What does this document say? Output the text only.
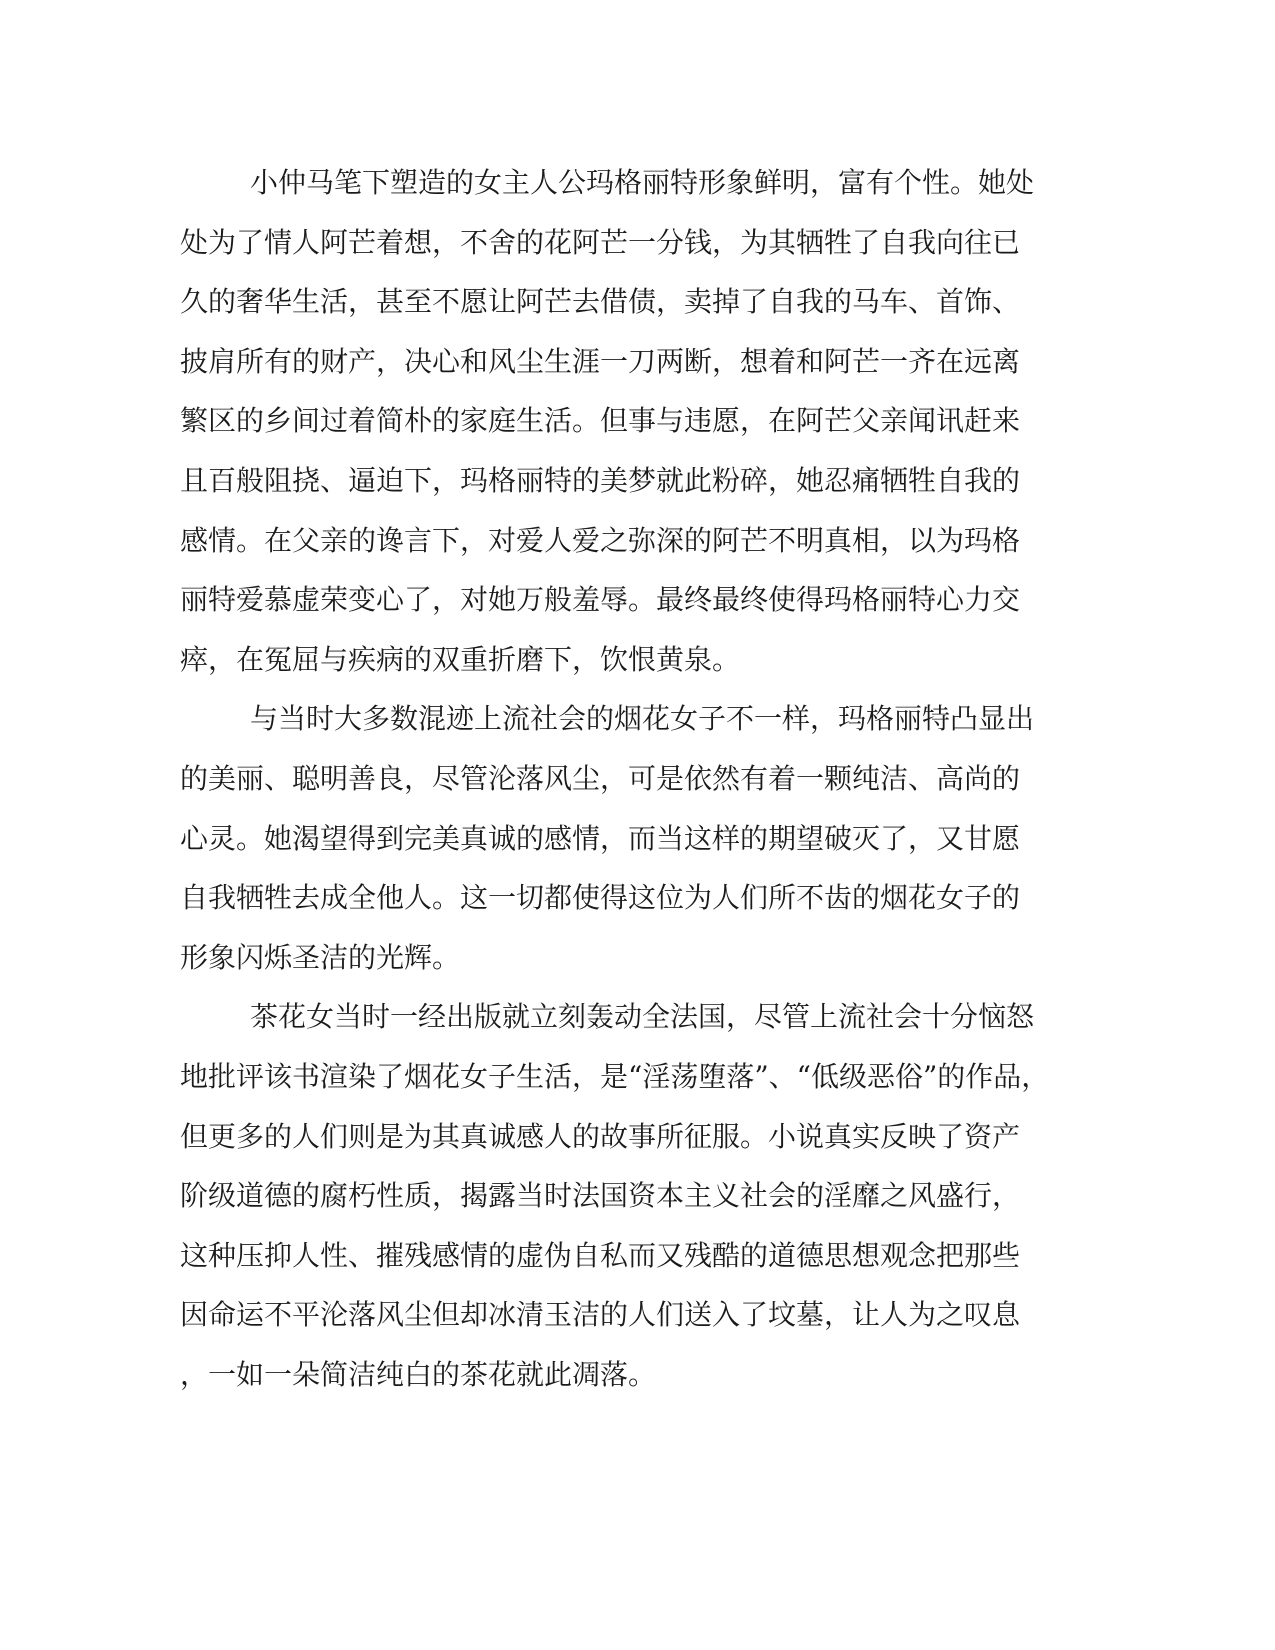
小仲马笔下塑造的女主人公玛格丽特形象鲜明，富有个性。她处
处为了情人阿芒着想，不舍的花阿芒一分钱，为其牺牲了自我向往已
久的奢华生活，甚至不愿让阿芒去借债，卖掉了自我的马车、首饰、
披肩所有的财产，决心和风尘生涯一刀两断，想着和阿芒一齐在远离
繁区的乡间过着简朴的家庭生活。但事与违愿，在阿芒父亲闻讯赶来
且百般阻挠、逼迫下，玛格丽特的美梦就此粉碎，她忍痛牺牲自我的
感情。在父亲的谗言下，对爱人爱之弥深的阿芒不明真相，以为玛格
丽特爱慕虚荣变心了，对她万般羞辱。最终最终使得玛格丽特心力交
瘁，在冤屈与疾病的双重折磨下，饮恨黄泉。
与当时大多数混迹上流社会的烟花女子不一样，玛格丽特凸显出
的美丽、聪明善良，尽管沦落风尘，可是依然有着一颗纯洁、高尚的
心灵。她渴望得到完美真诚的感情，而当这样的期望破灭了，又甘愿
自我牺牲去成全他人。这一切都使得这位为人们所不齿的烟花女子的
形象闪烁圣洁的光辉。
茶花女当时一经出版就立刻轰动全法国，尽管上流社会十分恼怒
地批评该书渲染了烟花女子生活，是“淫荡堕落”、“低级恶俗”的作品，
但更多的人们则是为其真诚感人的故事所征服。小说真实反映了资产
阶级道德的腐朽性质，揭露当时法国资本主义社会的淫靡之风盛行，
这种压抑人性、摧残感情的虚伪自私而又残酷的道德思想观念把那些
因命运不平沦落风尘但却冰清玉洁的人们送入了坟墓，让人为之叹息
，一如一朵简洁纯白的茶花就此凋落。
